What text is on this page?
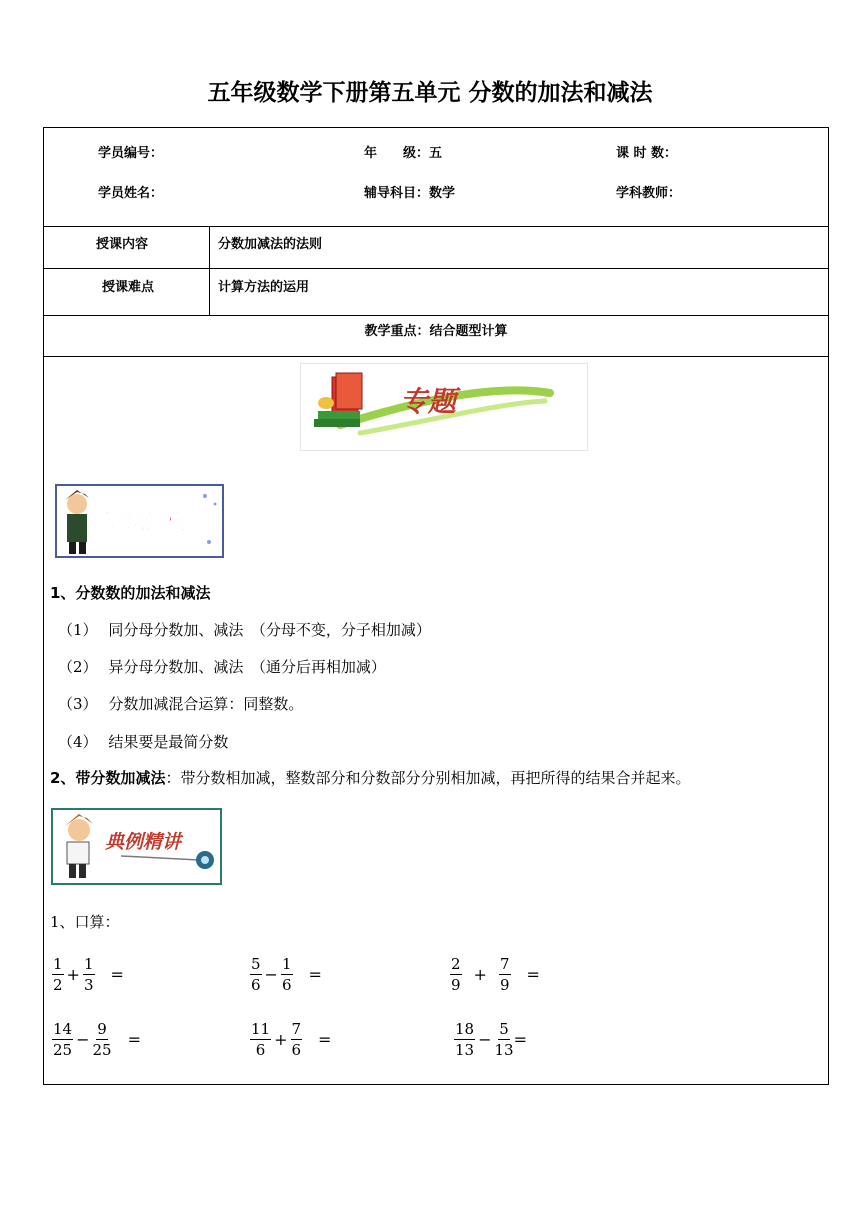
五年级数学下册第五单元 分数的加法和减法
学员编号：	年　　级：五	课 时 数：
学员姓名：	辅导科目：数学	学科教师：
授课内容	分数加减法的法则
授课难点	计算方法的运用
教学重点：结合题型计算
专题
知识结构
1、分数数的加法和减法
（1） 同分母分数加、减法　（分母不变，分子相加减）
（2） 异分母分数加、减法　（通分后再相加减）
（3） 分数加减混合运算：同整数。
（4） 结果要是最简分数
2、带分数加减法：带分数相加减，整数部分和分数部分分别相加减，再把所得的结果合并起来。
典例精讲
1、口算：
$\frac{1}{2} + \frac{1}{3}$ =	$\frac{5}{6} - \frac{1}{6}$ =	$\frac{2}{9} + \frac{7}{9}$ =
$\frac{14}{25} - \frac{9}{25}$ =	$\frac{11}{6} + \frac{7}{6}$ =	$\frac{18}{13} - \frac{5}{13}$ =
